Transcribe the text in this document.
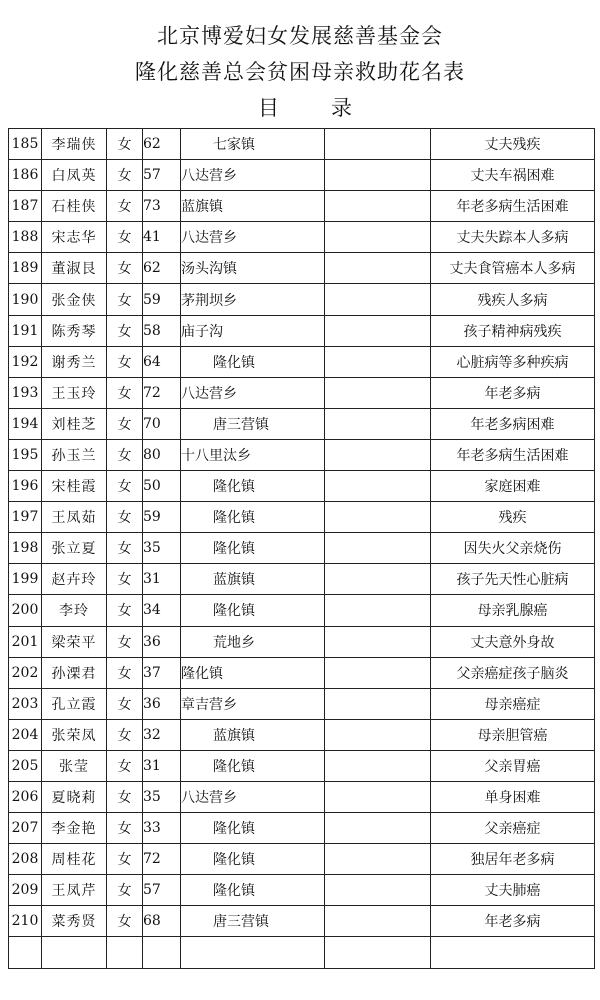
北京博爱妇女发展慈善基金会
隆化慈善总会贫困母亲救助花名表
目 录
185	李瑞侠	女	62	七家镇		丈夫残疾
186	白凤英	女	57	八达营乡		丈夫车祸困难
187	石桂侠	女	73	蓝旗镇		年老多病生活困难
188	宋志华	女	41	八达营乡		丈夫失踪本人多病
189	董淑艮	女	62	汤头沟镇		丈夫食管癌本人多病
190	张金侠	女	59	茅荆坝乡		残疾人多病
191	陈秀琴	女	58	庙子沟		孩子精神病残疾
192	谢秀兰	女	64	隆化镇		心脏病等多种疾病
193	王玉玲	女	72	八达营乡		年老多病
194	刘桂芝	女	70	唐三营镇		年老多病困难
195	孙玉兰	女	80	十八里汰乡		年老多病生活困难
196	宋桂霞	女	50	隆化镇		家庭困难
197	王凤茹	女	59	隆化镇		残疾
198	张立夏	女	35	隆化镇		因失火父亲烧伤
199	赵卉玲	女	31	蓝旗镇		孩子先天性心脏病
200	李玲	女	34	隆化镇		母亲乳腺癌
201	梁荣平	女	36	荒地乡		丈夫意外身故
202	孙溧君	女	37	隆化镇		父亲癌症孩子脑炎
203	孔立霞	女	36	章吉营乡		母亲癌症
204	张荣凤	女	32	蓝旗镇		母亲胆管癌
205	张莹	女	31	隆化镇		父亲胃癌
206	夏晓莉	女	35	八达营乡		单身困难
207	李金艳	女	33	隆化镇		父亲癌症
208	周桂花	女	72	隆化镇		独居年老多病
209	王凤芹	女	57	隆化镇		丈夫肺癌
210	菜秀贤	女	68	唐三营镇		年老多病
